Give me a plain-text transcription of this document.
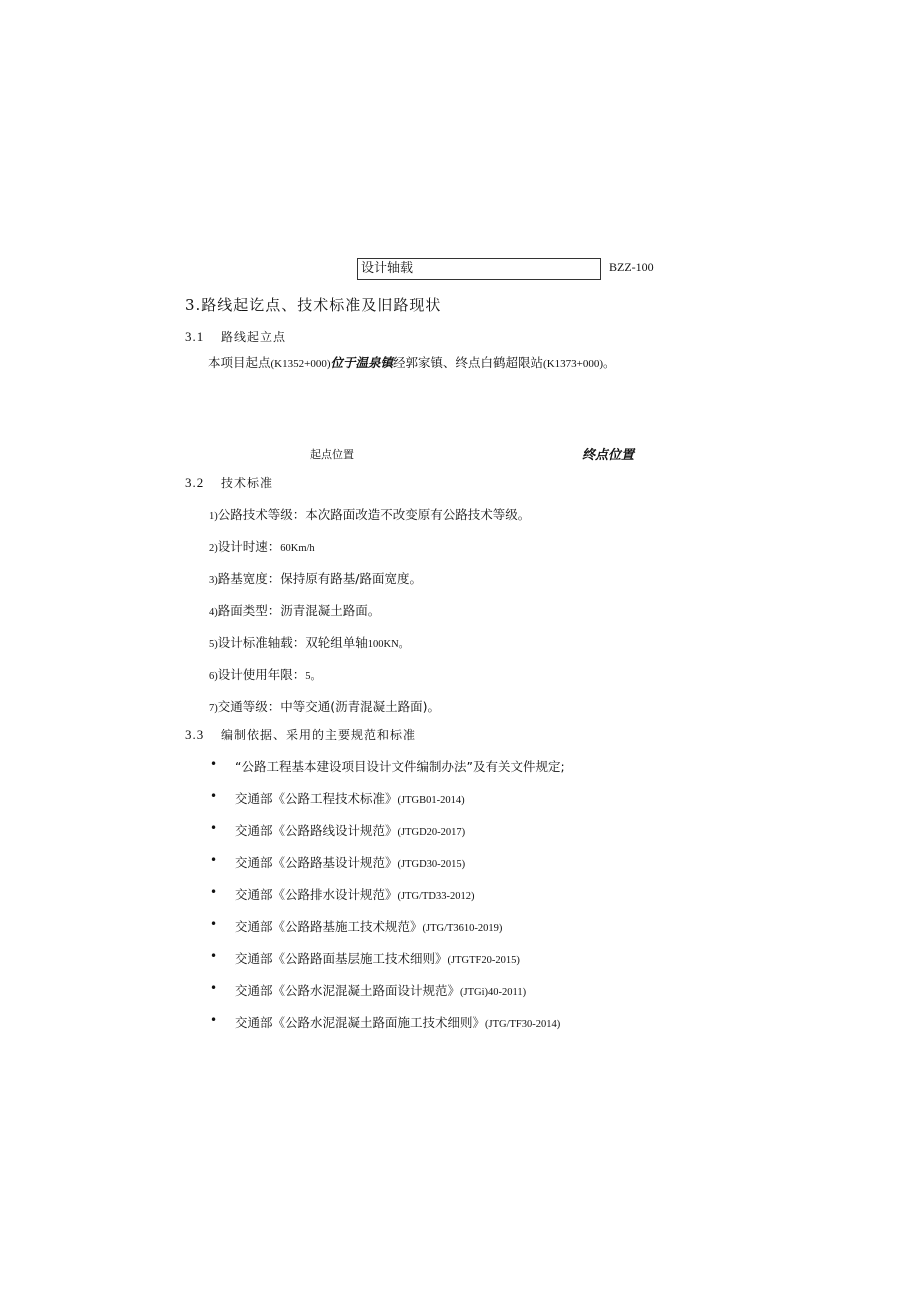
设计轴载	BZZ-100
3.路线起讫点、技术标准及旧路现状
3.1 路线起立点
本项目起点(K1352+000)位于温泉镇经郭家镇、终点白鹤超限站(K1373+000)。
起点位置	终点位置
3.2 技术标准
1)公路技术等级：本次路面改造不改变原有公路技术等级。
2)设计时速：60Km/h
3)路基宽度：保持原有路基/路面宽度。
4)路面类型：沥青混凝土路面。
5)设计标准轴载：双轮组单轴100KN。
6)设计使用年限：5。
7)交通等级：中等交通(沥青混凝土路面)。
3.3 编制依据、采用的主要规范和标准
• “公路工程基本建设项目设计文件编制办法”及有关文件规定;
• 交通部《公路工程技术标准》(JTGB01-2014)
• 交通部《公路路线设计规范》(JTGD20-2017)
• 交通部《公路路基设计规范》(JTGD30-2015)
• 交通部《公路排水设计规范》(JTG/TD33-2012)
• 交通部《公路路基施工技术规范》(JTG/T3610-2019)
• 交通部《公路路面基层施工技术细则》(JTGTF20-2015)
• 交通部《公路水泥混凝土路面设计规范》(JTGi)40-2011)
• 交通部《公路水泥混凝土路面施工技术细则》(JTG/TF30-2014)
